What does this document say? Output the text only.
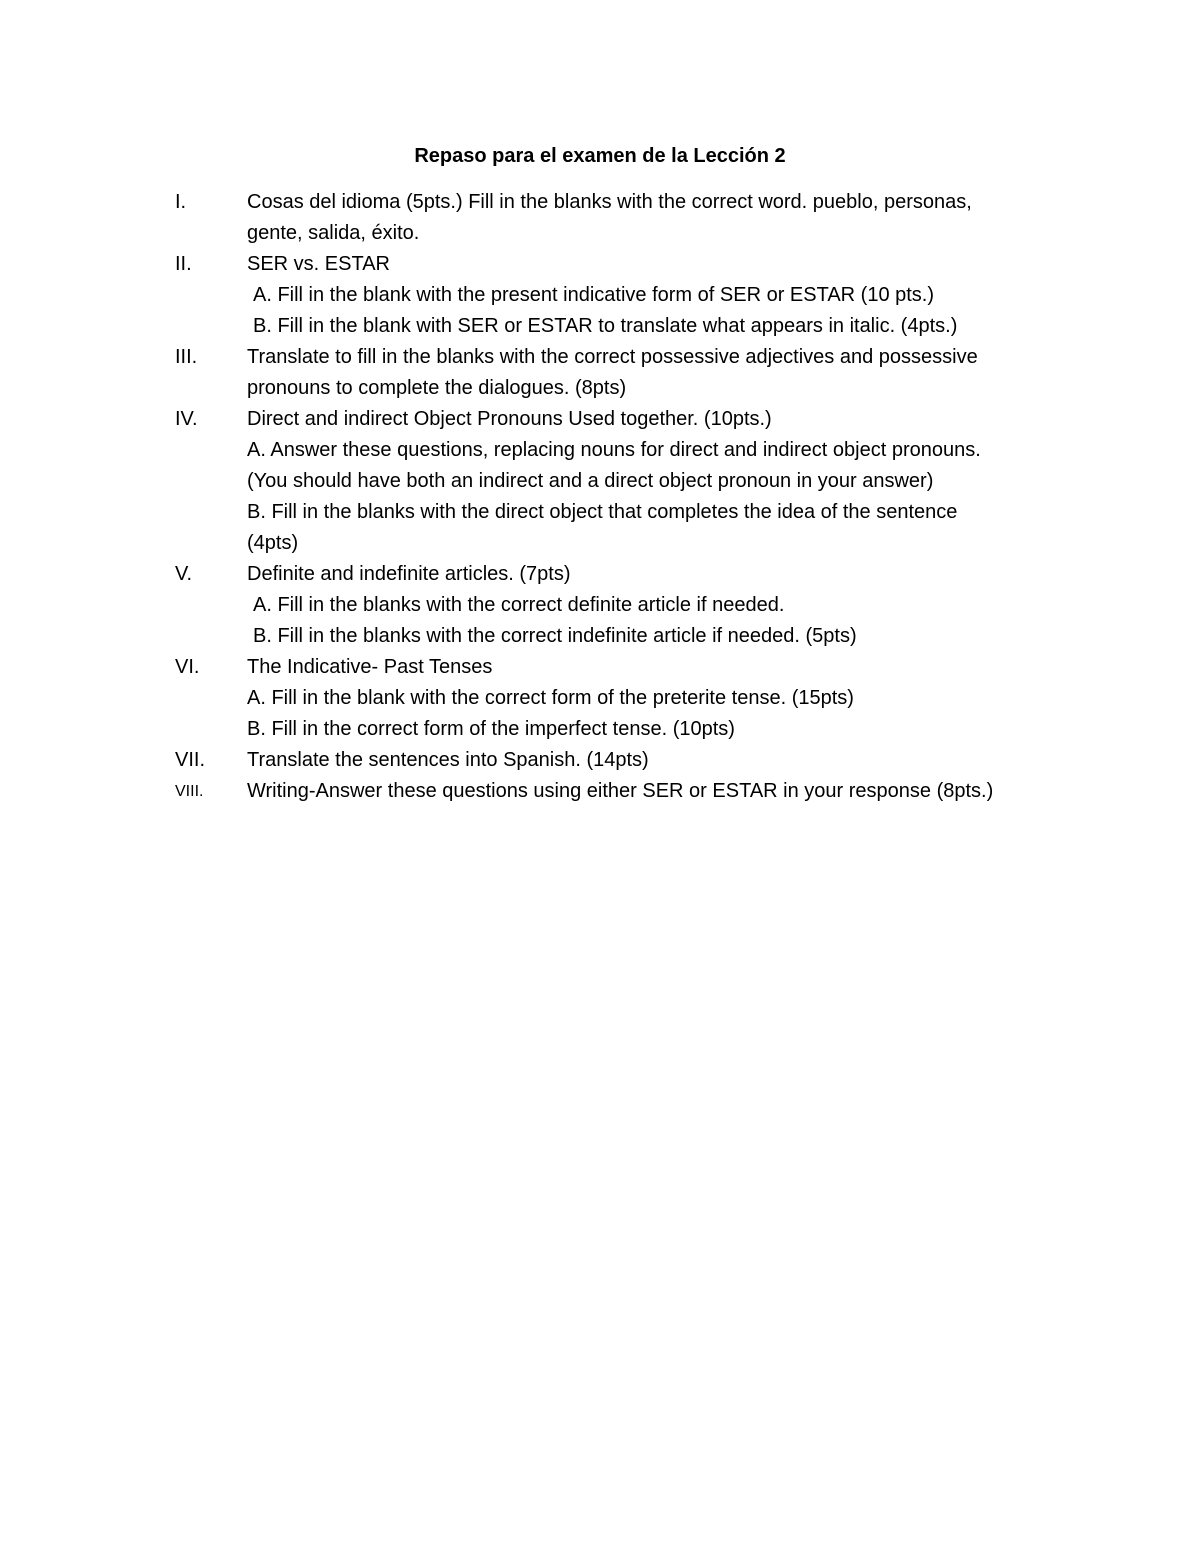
Repaso para el examen de la Lección 2
I.	Cosas del idioma (5pts.) Fill in the blanks with the correct word. pueblo, personas,
gente, salida, éxito.
II.	SER vs. ESTAR
A. Fill in the blank with the present indicative form of SER or ESTAR (10 pts.)
B. Fill in the blank with SER or ESTAR to translate what appears in italic. (4pts.)
III.	Translate to fill in the blanks with the correct possessive adjectives and possessive
pronouns to complete the dialogues. (8pts)
IV.	Direct and indirect Object Pronouns Used together. (10pts.)
A. Answer these questions, replacing nouns for direct and indirect object pronouns.
(You should have both an indirect and a direct object pronoun in your answer)
B. Fill in the blanks with the direct object that completes the idea of the sentence
(4pts)
V.	Definite and indefinite articles. (7pts)
A. Fill in the blanks with the correct definite article if needed.
B. Fill in the blanks with the correct indefinite article if needed. (5pts)
VI.	The Indicative- Past Tenses
A. Fill in the blank with the correct form of the preterite tense. (15pts)
B. Fill in the correct form of the imperfect tense. (10pts)
VII.	Translate the sentences into Spanish. (14pts)
VIII.	Writing-Answer these questions using either SER or ESTAR in your response (8pts.)
